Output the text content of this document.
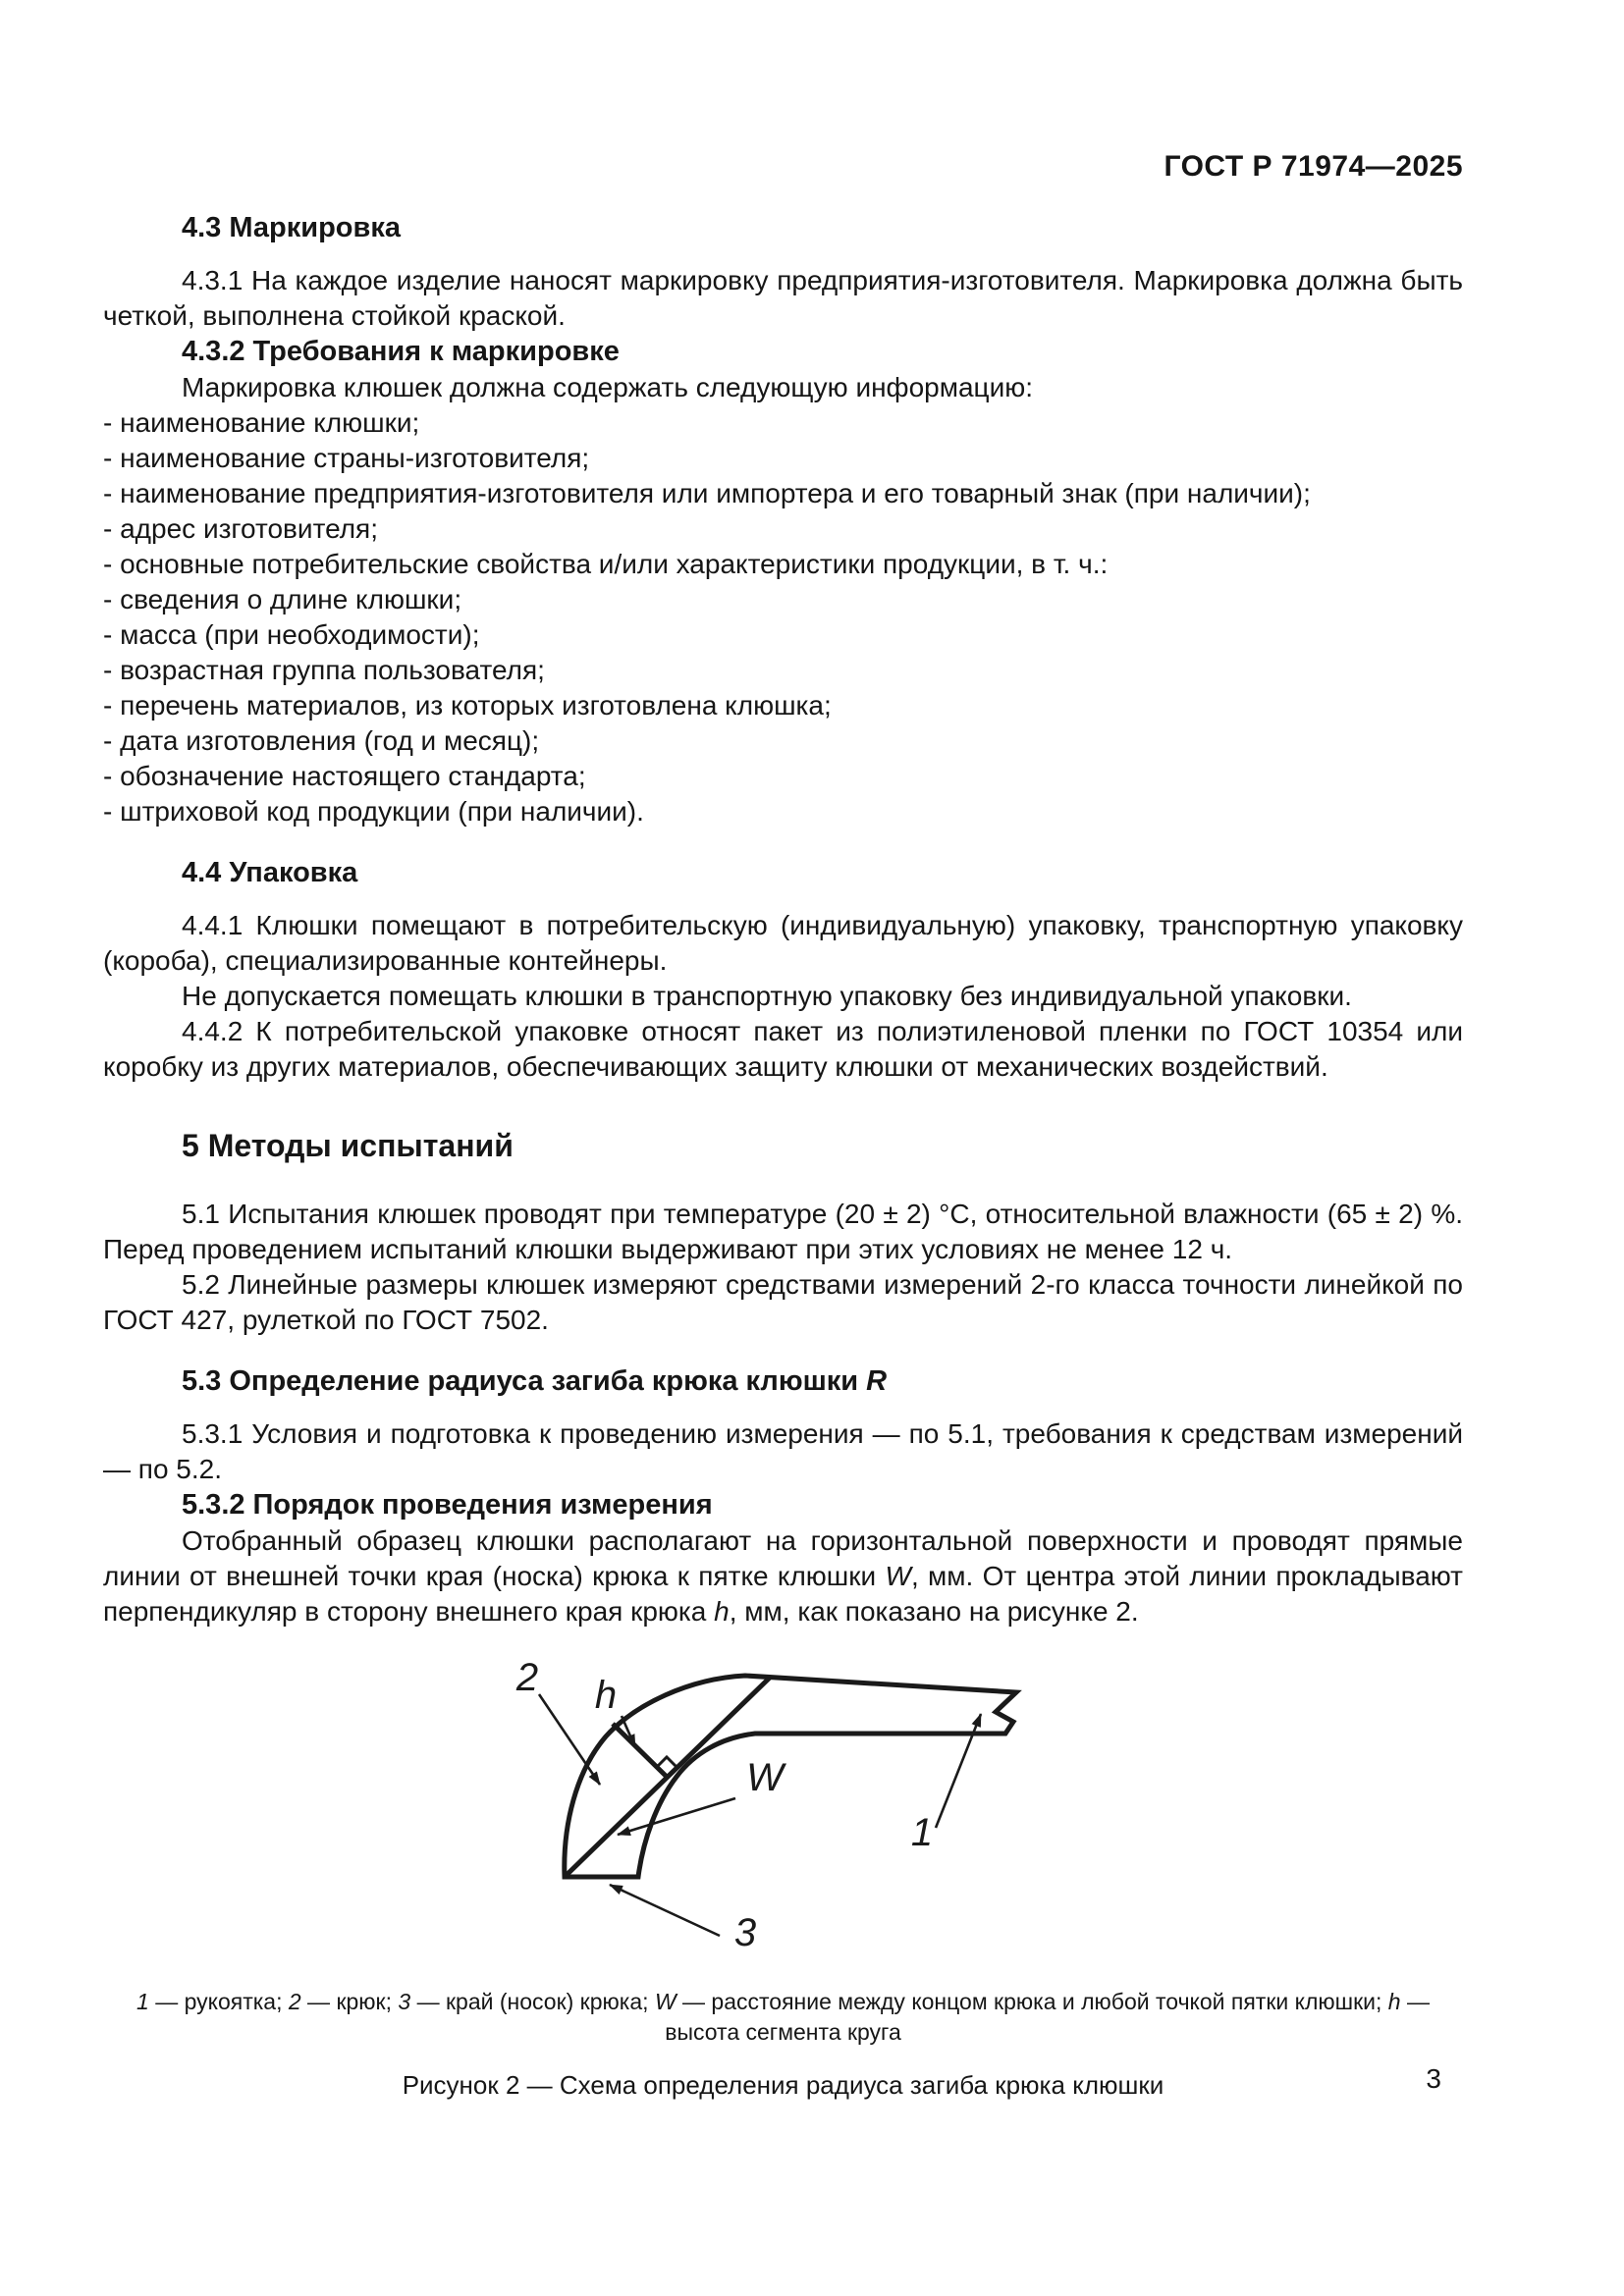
ГОСТ Р 71974—2025
4.3 Маркировка

4.3.1 На каждое изделие наносят маркировку предприятия-изготовителя. Маркировка должна быть четкой, выполнена стойкой краской.

4.3.2 Требования к маркировке

Маркировка клюшек должна содержать следующую информацию:

- наименование клюшки;
- наименование страны-изготовителя;
- наименование предприятия-изготовителя или импортера и его товарный знак (при наличии);
- адрес изготовителя;
- основные потребительские свойства и/или характеристики продукции, в т. ч.:
- сведения о длине клюшки;
- масса (при необходимости);
- возрастная группа пользователя;
- перечень материалов, из которых изготовлена клюшка;
- дата изготовления (год и месяц);
- обозначение настоящего стандарта;
- штриховой код продукции (при наличии).
4.4 Упаковка

4.4.1 Клюшки помещают в потребительскую (индивидуальную) упаковку, транспортную упаковку (короба), специализированные контейнеры.

Не допускается помещать клюшки в транспортную упаковку без индивидуальной упаковки.

4.4.2 К потребительской упаковке относят пакет из полиэтиленовой пленки по ГОСТ 10354 или коробку из других материалов, обеспечивающих защиту клюшки от механических воздействий.

5 Методы испытаний

5.1 Испытания клюшек проводят при температуре (20 ± 2) °С, относительной влажности (65 ± 2) %. Перед проведением испытаний клюшки выдерживают при этих условиях не менее 12 ч.

5.2 Линейные размеры клюшек измеряют средствами измерений 2-го класса точности линейкой по ГОСТ 427, рулеткой по ГОСТ 7502.

5.3 Определение радиуса загиба крюка клюшки R

5.3.1 Условия и подготовка к проведению измерения — по 5.1, требования к средствам измерений — по 5.2.

5.3.2 Порядок проведения измерения

Отобранный образец клюшки располагают на горизонтальной поверхности и проводят прямые линии от внешней точки края (носка) крюка к пятке клюшки W, мм. От центра этой линии прокладывают перпендикуляр в сторону внешнего края крюка h, мм, как показано на рисунке 2.

2 h
W
1
3
1 — рукоятка; 2 — крюк; 3 — край (носок) крюка; W — расстояние между концом крюка и любой точкой пятки клюшки; h — высота сегмента круга
Рисунок 2 — Схема определения радиуса загиба крюка клюшки	3
